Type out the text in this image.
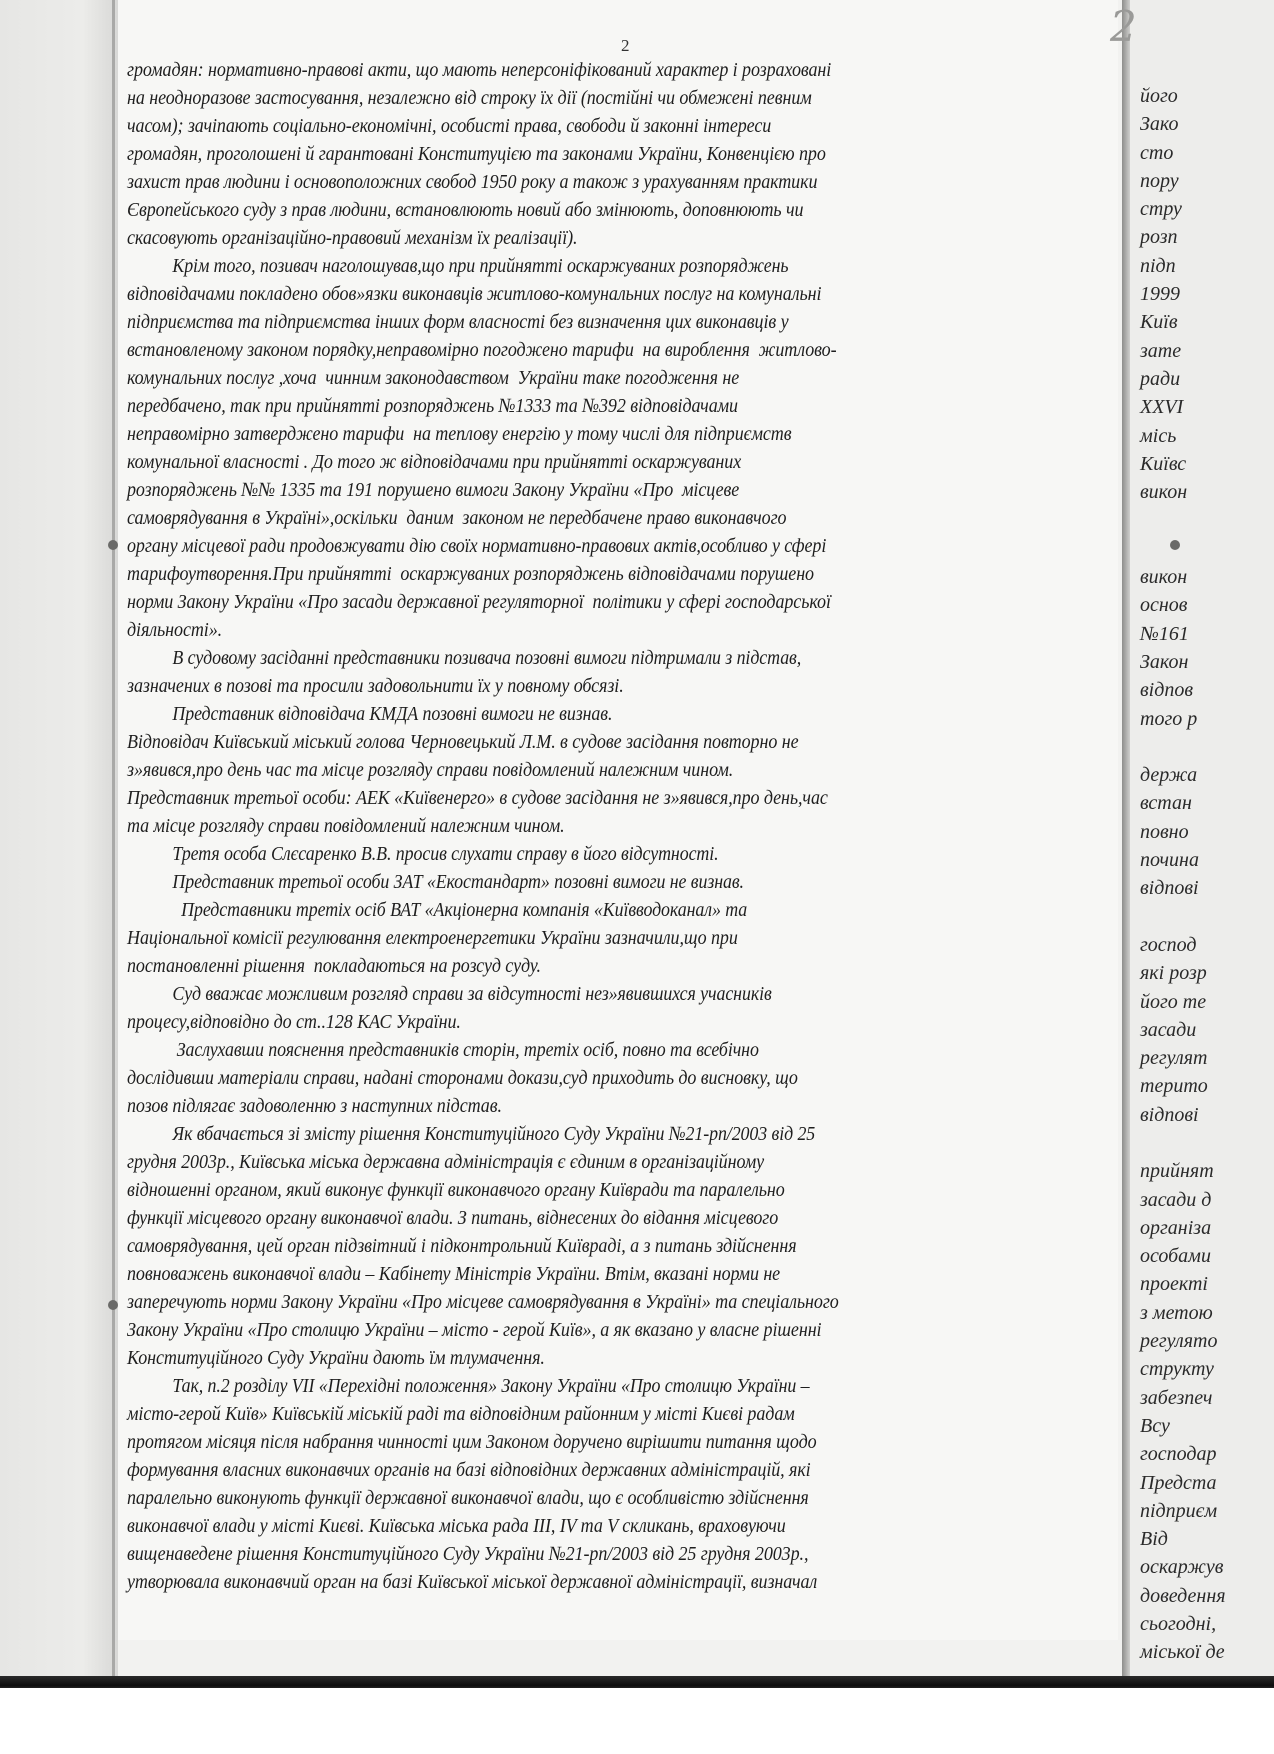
2	2
громадян: нормативно-правові акти, що мають неперсоніфікований характер і розраховані
на неодноразове застосування, незалежно від строку їх дії (постійні чи обмежені певним
часом); зачіпають соціально-економічні, особисті права, свободи й законні інтереси
громадян, проголошені й гарантовані Конституцією та законами України, Конвенцією про
захист прав людини і основоположних свобод 1950 року а також з урахуванням практики
Європейського суду з прав людини, встановлюють новий або змінюють, доповнюють чи
скасовують організаційно-правовий механізм їх реалізації).
Крім того, позивач наголошував,що при прийнятті оскаржуваних розпоряджень
відповідачами покладено обов»язки виконавців житлово-комунальних послуг на комунальні
підприємства та підприємства інших форм власності без визначення цих виконавців у
встановленому законом порядку,неправомірно погоджено тарифи  на вироблення  житлово-
комунальних послуг ,хоча  чинним законодавством  України таке погодження не
передбачено, так при прийнятті розпоряджень №1333 та №392 відповідачами
неправомірно затверджено тарифи  на теплову енергію у тому числі для підприємств
комунальної власності . До того ж відповідачами при прийнятті оскаржуваних
розпоряджень №№ 1335 та 191 порушено вимоги Закону України «Про  місцеве
самоврядування в Україні»,оскільки  даним  законом не передбачене право виконавчого
органу місцевої ради продовжувати дію своїх нормативно-правових актів,особливо у сфері
тарифоутворення.При прийнятті  оскаржуваних розпоряджень відповідачами порушено
норми Закону України «Про засади державної регуляторної  політики у сфері господарської
діяльності».
В судовому засіданні представники позивача позовні вимоги підтримали з підстав,
зазначених в позові та просили задовольнити їх у повному обсязі.
Представник відповідача КМДА позовні вимоги не визнав.
Відповідач Київський міський голова Черновецький Л.М. в судове засідання повторно не
з»явився,про день час та місце розгляду справи повідомлений належним чином.
Представник третьої особи: АЕК «Київенерго» в судове засідання не з»явився,про день,час
та місце розгляду справи повідомлений належним чином.
Третя особа Слєсаренко В.В. просив слухати справу в його відсутності.
Представник третьої особи ЗАТ «Екостандарт» позовні вимоги не визнав.
Представники третіх осіб ВАТ «Акціонерна компанія «Київводоканал» та
Національної комісії регулювання електроенергетики України зазначили,що при
постановленні рішення  покладаються на розсуд суду.
Суд вважає можливим розгляд справи за відсутності нез»явившихся учасників
процесу,відповідно до ст..128 КАС України.
Заслухавши пояснення представників сторін, третіх осіб, повно та всебічно
дослідивши матеріали справи, надані сторонами докази,суд приходить до висновку, що
позов підлягає задоволенню з наступних підстав.
Як вбачається зі змісту рішення Конституційного Суду України №21-рп/2003 від 25
грудня 2003р., Київська міська державна адміністрація є єдиним в організаційному
відношенні органом, який виконує функції виконавчого органу Київради та паралельно
функції місцевого органу виконавчої влади. З питань, віднесених до відання місцевого
самоврядування, цей орган підзвітний і підконтрольний Київраді, а з питань здійснення
повноважень виконавчої влади – Кабінету Міністрів України. Втім, вказані норми не
заперечують норми Закону України «Про місцеве самоврядування в Україні» та спеціального
Закону України «Про столицю України – місто - герой Київ», а як вказано у власне рішенні
Конституційного Суду України дають їм тлумачення.
Так, п.2 розділу VII «Перехідні положення» Закону України «Про столицю України –
місто-герой Київ» Київській міській раді та відповідним районним у місті Києві радам
протягом місяця після набрання чинності цим Законом доручено вирішити питання щодо
формування власних виконавчих органів на базі відповідних державних адміністрацій, які
паралельно виконують функції державної виконавчої влади, що є особливістю здійснення
виконавчої влади у місті Києві. Київська міська рада III, IV та V скликань, враховуючи
вищенаведене рішення Конституційного Суду України №21-рп/2003 від 25 грудня 2003р.,
утворювала виконавчий орган на базі Київської міської державної адміністрації, визначал
його
Зако
сто
пору
стру
розп
підп
1999
Київ
зате
ради
XXVI
місь
Київс
викон
викон
основ
№161
Закон
відпов
того р
держа
встан
повно
почина
відпові
господ
які розр
його те
засади
регулят
терито
відпові
прийнят
засади д
організа
особами
проекті
з метою
регулято
структу
забезпеч
Всу
господар
Предста
підприєм
Від
оскаржув
доведення
сьогодні,
міської де
